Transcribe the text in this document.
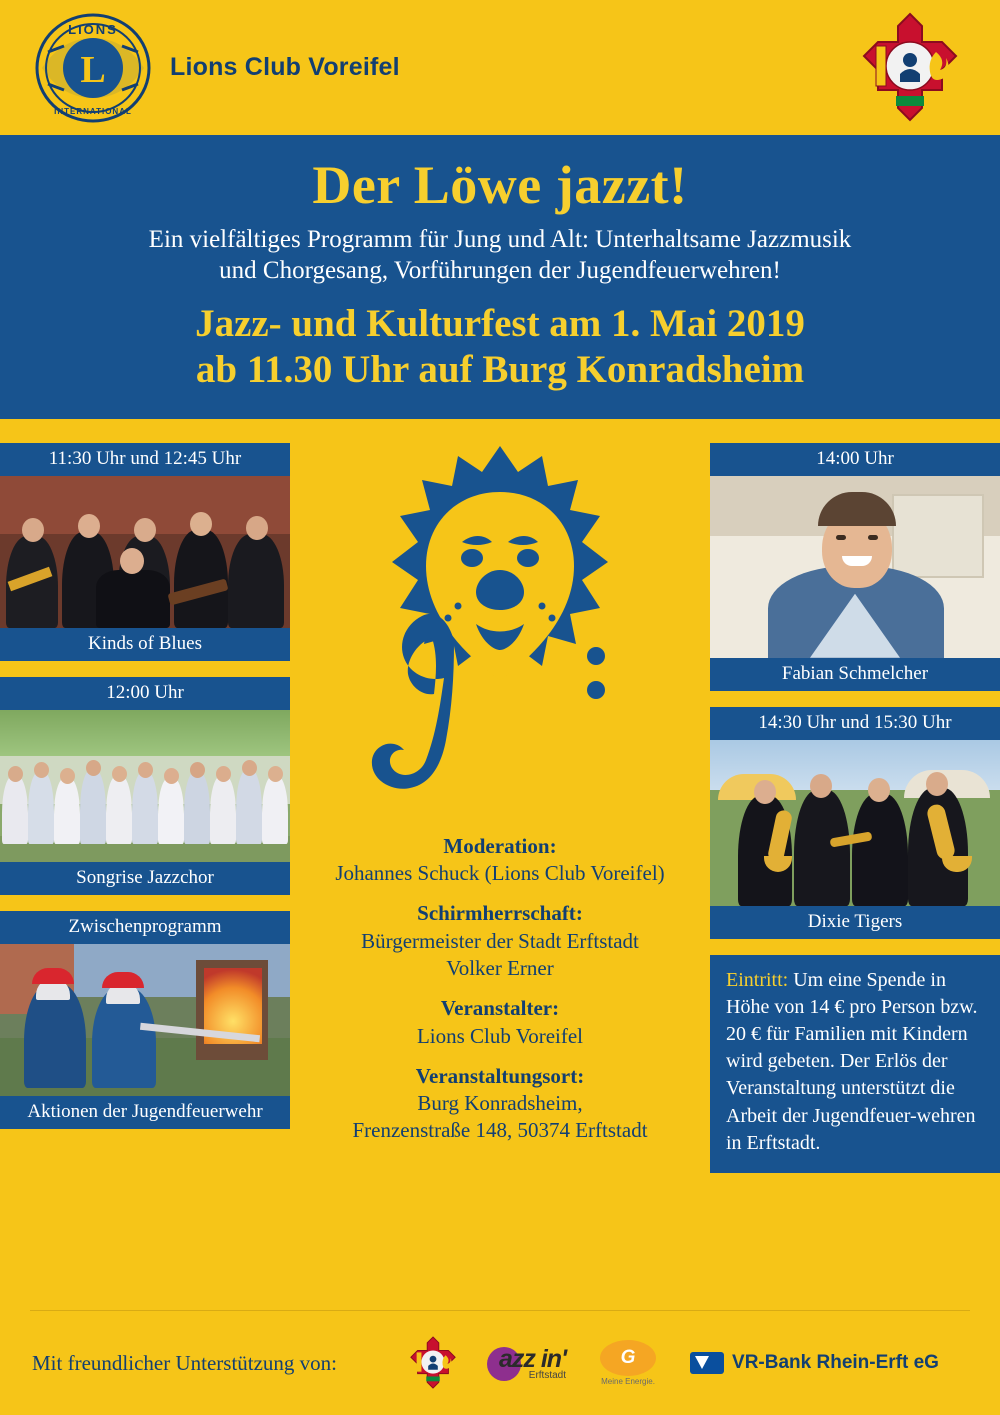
L
LIONS
INTERNATIONAL
Lions Club Voreifel
Der Löwe jazzt!
Ein vielfältiges Programm für Jung und Alt: Unterhaltsame Jazzmusik
und Chorgesang, Vorführungen der Jugendfeuerwehren!
Jazz- und Kulturfest am 1. Mai 2019
ab 11.30 Uhr auf Burg Konradsheim
11:30 Uhr und 12:45 Uhr
Kinds of Blues
12:00 Uhr
Songrise Jazzchor
Zwischenprogramm
Aktionen der Jugendfeuerwehr
Moderation:
Johannes Schuck (Lions Club Voreifel)
Schirmherrschaft:
Bürgermeister der Stadt Erftstadt
Volker Erner
Veranstalter:
Lions Club Voreifel
Veranstaltungsort:
Burg Konradsheim,
Frenzenstraße 148, 50374 Erftstadt
14:00 Uhr
Fabian Schmelcher
14:30 Uhr und 15:30 Uhr
Dixie Tigers
Eintritt: Um eine Spende in Höhe von 14 € pro Person bzw. 20 € für Familien mit Kindern wird gebeten. Der Erlös der Veranstaltung unterstützt die Arbeit der Jugendfeuer-wehren in Erftstadt.
Mit freundlicher Unterstützung von:	azz in'
Erftstadt
G
Meine Energie.
VR-Bank Rhein-Erft eG
